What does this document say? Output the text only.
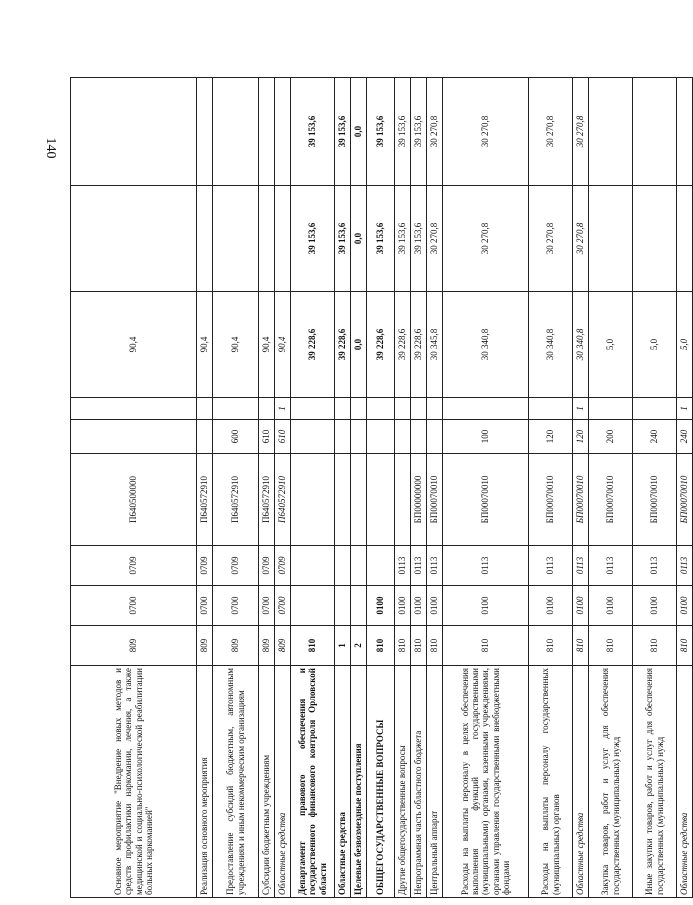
140
Основное мероприятие "Внедрение новых методов и средств профилактики наркомании, лечения, а также медицинской и социально-психологической реабилитации больных наркоманией"	809	0700	0709	П640500000			90,4		
Реализация основного мероприятия	809	0700	0709	П640572910			90,4		
Предоставление субсидий бюджетным, автономным учреждениям и иным некоммерческим организациям	809	0700	0709	П640572910	600		90,4		
Субсидии бюджетным учреждениям	809	0700	0709	П640572910	610		90,4		
Областные средства	809	0700	0709	П640572910	610	1	90,4		
Департамент правового обеспечения и государственного финансового контроля Орловской области	810						39 228,6	39 153,6	39 153,6
Областные средства	1						39 228,6	39 153,6	39 153,6
Целевые безвозмездные поступления	2						0,0	0,0	0,0
ОБЩЕГОСУДАРСТВЕННЫЕ ВОПРОСЫ	810	0100					39 228,6	39 153,6	39 153,6
Другие общегосударственные вопросы	810	0100	0113				39 228,6	39 153,6	39 153,6
Непрограммная часть областного бюджета	810	0100	0113	БП00000000			39 228,6	39 153,6	39 153,6
Центральный аппарат	810	0100	0113	БП00070010			30 345,8	30 270,8	30 270,8
Расходы на выплаты персоналу в целях обеспечения выполнения функций государственными (муниципальными) органами, казенными учреждениями, органами управления государственными внебюджетными фондами	810	0100	0113	БП00070010	100		30 340,8	30 270,8	30 270,8
Расходы на выплаты персоналу государственных (муниципальных) органов	810	0100	0113	БП00070010	120		30 340,8	30 270,8	30 270,8
Областные средства	810	0100	0113	БП00070010	120	1	30 340,8	30 270,8	30 270,8
Закупка товаров, работ и услуг для обеспечения государственных (муниципальных) нужд	810	0100	0113	БП00070010	200		5,0		
Иные закупки товаров, работ и услуг для обеспечения государственных (муниципальных) нужд	810	0100	0113	БП00070010	240		5,0		
Областные средства	810	0100	0113	БП00070010	240	1	5,0		
